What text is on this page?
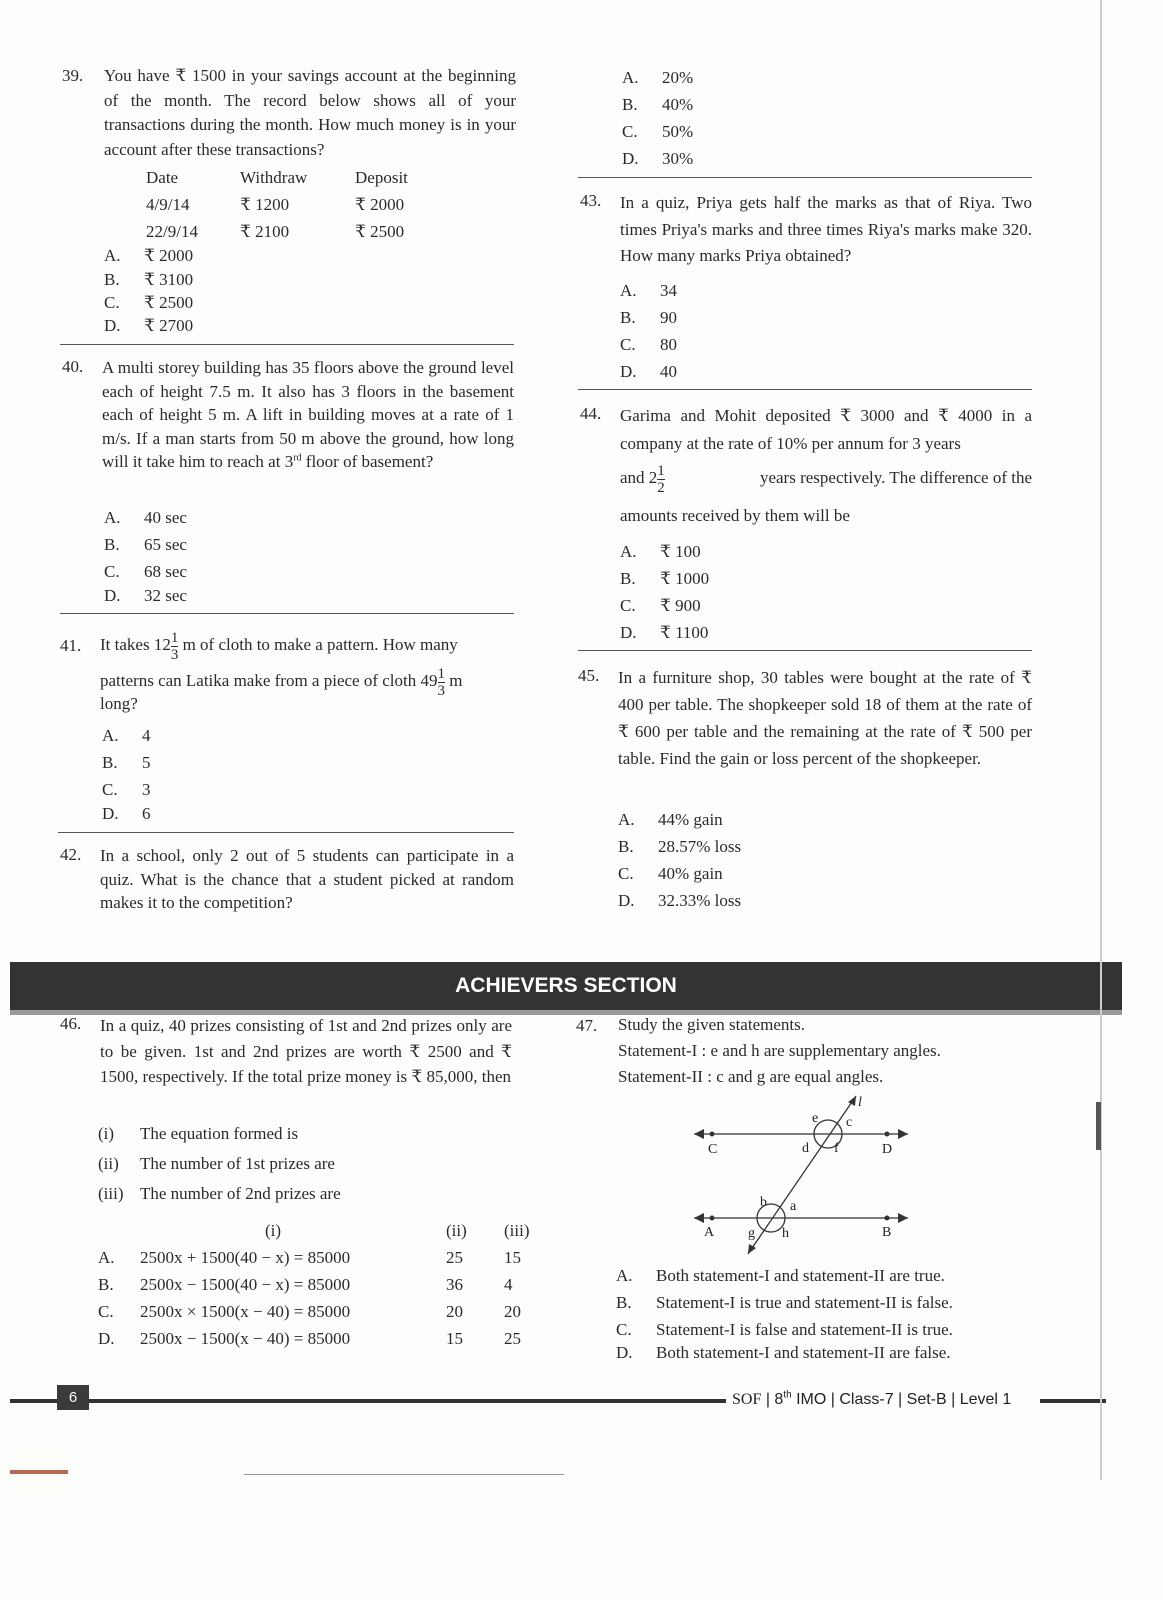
39. You have ₹ 1500 in your savings account at the beginning of the month. The record below shows all of your transactions during the month. How much money is in your account after these transactions?
Date	Withdraw	Deposit
4/9/14	₹ 1200	₹ 2000
22/9/14	₹ 2100	₹ 2500
A. ₹ 2000
B. ₹ 3100
C. ₹ 2500
D. ₹ 2700
40. A multi storey building has 35 floors above the ground level each of height 7.5 m. It also has 3 floors in the basement each of height 5 m. A lift in building moves at a rate of 1 m/s. If a man starts from 50 m above the ground, how long will it take him to reach at 3rd floor of basement?
A. 40 sec
B. 65 sec
C. 68 sec
D. 32 sec
41. It takes $12 \frac{1}{3}$ m of cloth to make a pattern. How many
patterns can Latika make from a piece of cloth $49 \frac{1}{3}$ m
long?
A. 4
B. 5
C. 3
D. 6
42. In a school, only 2 out of 5 students can participate in a quiz. What is the chance that a student picked at random makes it to the competition?
A. 20%
B. 40%
C. 50%
D. 30%
43. In a quiz, Priya gets half the marks as that of Riya. Two times Priya's marks and three times Riya's marks make 320. How many marks Priya obtained?
A. 34
B. 90
C. 80
D. 40
44. Garima and Mohit deposited ₹ 3000 and ₹ 4000 in a company at the rate of 10% per annum for 3 years
and $2 \frac{1}{2}$	years respectively. The difference of the
amounts received by them will be
A. ₹ 100
B. ₹ 1000
C. ₹ 900
D. ₹ 1100
45. In a furniture shop, 30 tables were bought at the rate of ₹ 400 per table. The shopkeeper sold 18 of them at the rate of ₹ 600 per table and the remaining at the rate of ₹ 500 per table. Find the gain or loss percent of the shopkeeper.
A. 44% gain
B. 28.57% loss
C. 40% gain
D. 32.33% loss
ACHIEVERS SECTION
46. In a quiz, 40 prizes consisting of 1st and 2nd prizes only are to be given. 1st and 2nd prizes are worth ₹ 2500 and ₹ 1500, respectively. If the total prize money is ₹ 85,000, then
(i) The equation formed is
(ii) The number of 1st prizes are
(iii) The number of 2nd prizes are
	(i)	(ii)	(iii)
A.	2500x + 1500(40 − x) = 85000	25	15
B.	2500x − 1500(40 − x) = 85000	36	4
C.	2500x × 1500(x − 40) = 85000	20	20
D.	2500x − 1500(x − 40) = 85000	15	25
47. Study the given statements.
Statement-I : e and h are supplementary angles.
Statement-II : c and g are equal angles.
l
e c
d f
C	D
b a
g h
A	B
A. Both statement-I and statement-II are true.
B. Statement-I is true and statement-II is false.
C. Statement-I is false and statement-II is true.
D. Both statement-I and statement-II are false.
6	SOF | 8th IMO | Class-7 | Set-B | Level 1
